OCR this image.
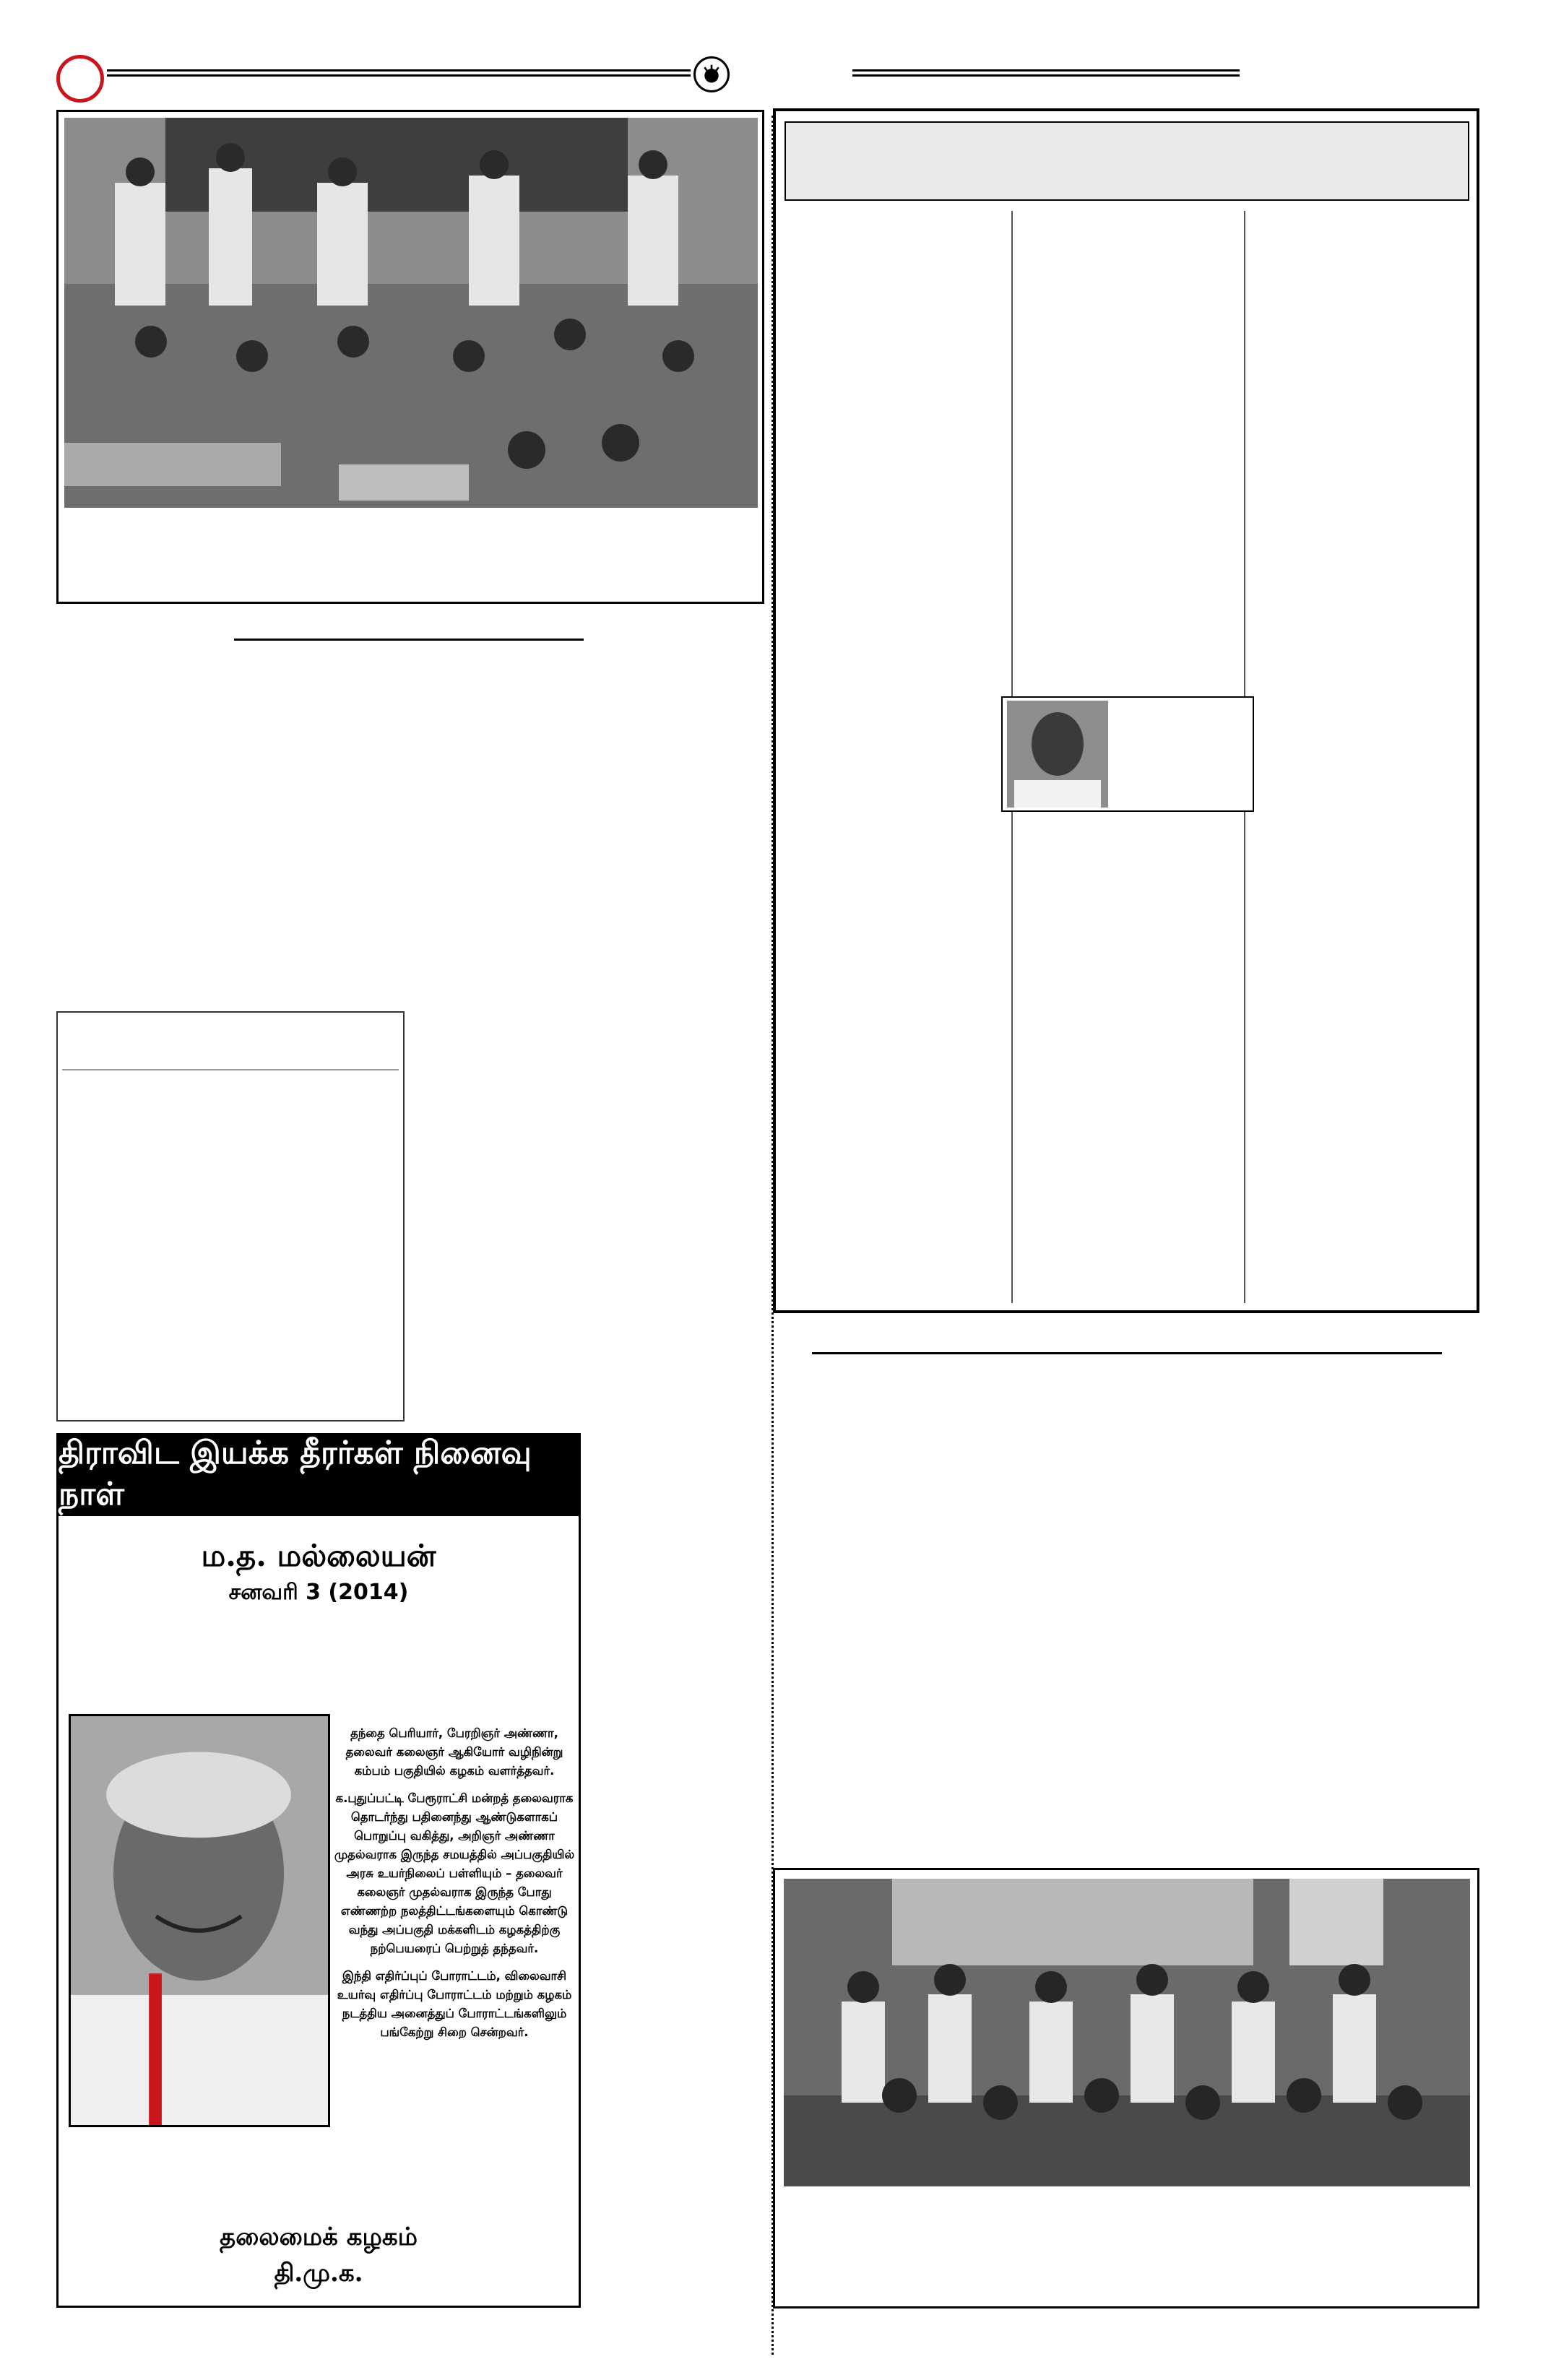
திராவிட இயக்க தீரர்கள் நினைவு நாள்
ம.த. மல்லையன்
சனவரி 3 (2014)

தந்தை பெரியார், பேரறிஞர் அண்ணா, தலைவர் கலைஞர் ஆகியோர் வழிநின்று கம்பம் பகுதியில் கழகம் வளர்த்தவர்.

க.புதுப்பட்டி பேரூராட்சி மன்றத் தலைவராக தொடர்ந்து பதினைந்து ஆண்டுகளாகப் பொறுப்பு வகித்து, அறிஞர் அண்ணா முதல்வராக இருந்த சமயத்தில் அப்பகுதியில் அரசு உயர்நிலைப் பள்ளியும் – தலைவர் கலைஞர் முதல்வராக இருந்த போது எண்ணற்ற நலத்திட்டங்களையும் கொண்டு வந்து அப்பகுதி மக்களிடம் கழகத்திற்கு நற்பெயரைப் பெற்றுத் தந்தவர்.

இந்தி எதிர்ப்புப் போராட்டம், விலைவாசி உயர்வு எதிர்ப்பு போராட்டம் மற்றும் கழகம் நடத்திய அனைத்துப் போராட்டங்களிலும் பங்கேற்று சிறை சென்றவர்.

தலைமைக் கழகம்
தி.மு.க.
